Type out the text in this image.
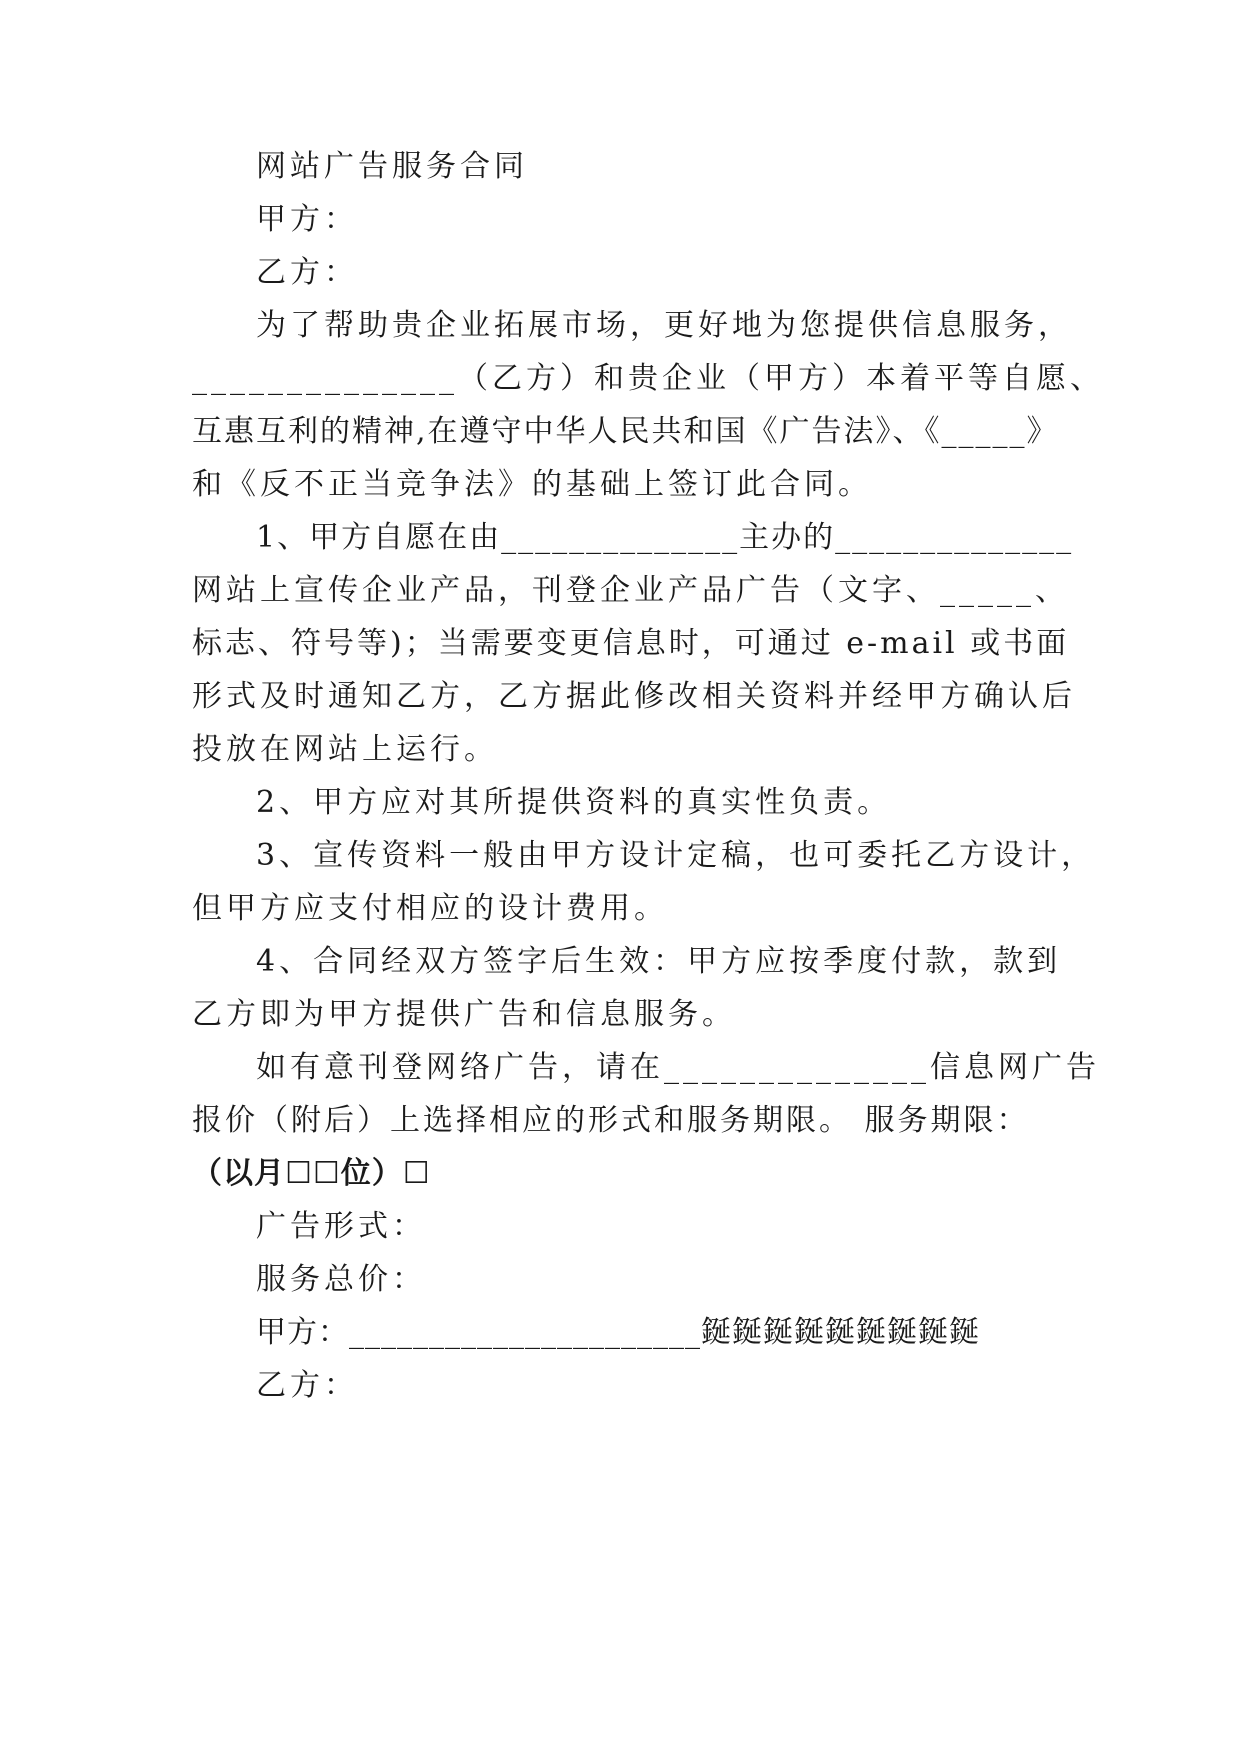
网站广告服务合同
甲方：
乙方：
为了帮助贵企业拓展市场，更好地为您提供信息服务，
______________（乙方）和贵企业（甲方）本着平等自愿、
互惠互利的精神,在遵守中华人民共和国《广告法》、《_____》
和《反不正当竞争法》的基础上签订此合同。
1、甲方自愿在由______________主办的______________
网站上宣传企业产品，刊登企业产品广告（文字、_____、
标志、符号等)；当需要变更信息时，可通过 e-mail 或书面
形式及时通知乙方，乙方据此修改相关资料并经甲方确认后
投放在网站上运行。
2、甲方应对其所提供资料的真实性负责。
3、宣传资料一般由甲方设计定稿，也可委托乙方设计，
但甲方应支付相应的设计费用。
4、合同经双方签字后生效：甲方应按季度付款，款到
乙方即为甲方提供广告和信息服务。
如有意刊登网络广告，请在______________信息网广告
报价（附后）上选择相应的形式和服务期限。 服务期限：
（以月☐☐位）☐
广告形式：
服务总价：
甲方：______________________鋋鋋鋋鋋鋋鋋鋋鋋鋋
乙方：
